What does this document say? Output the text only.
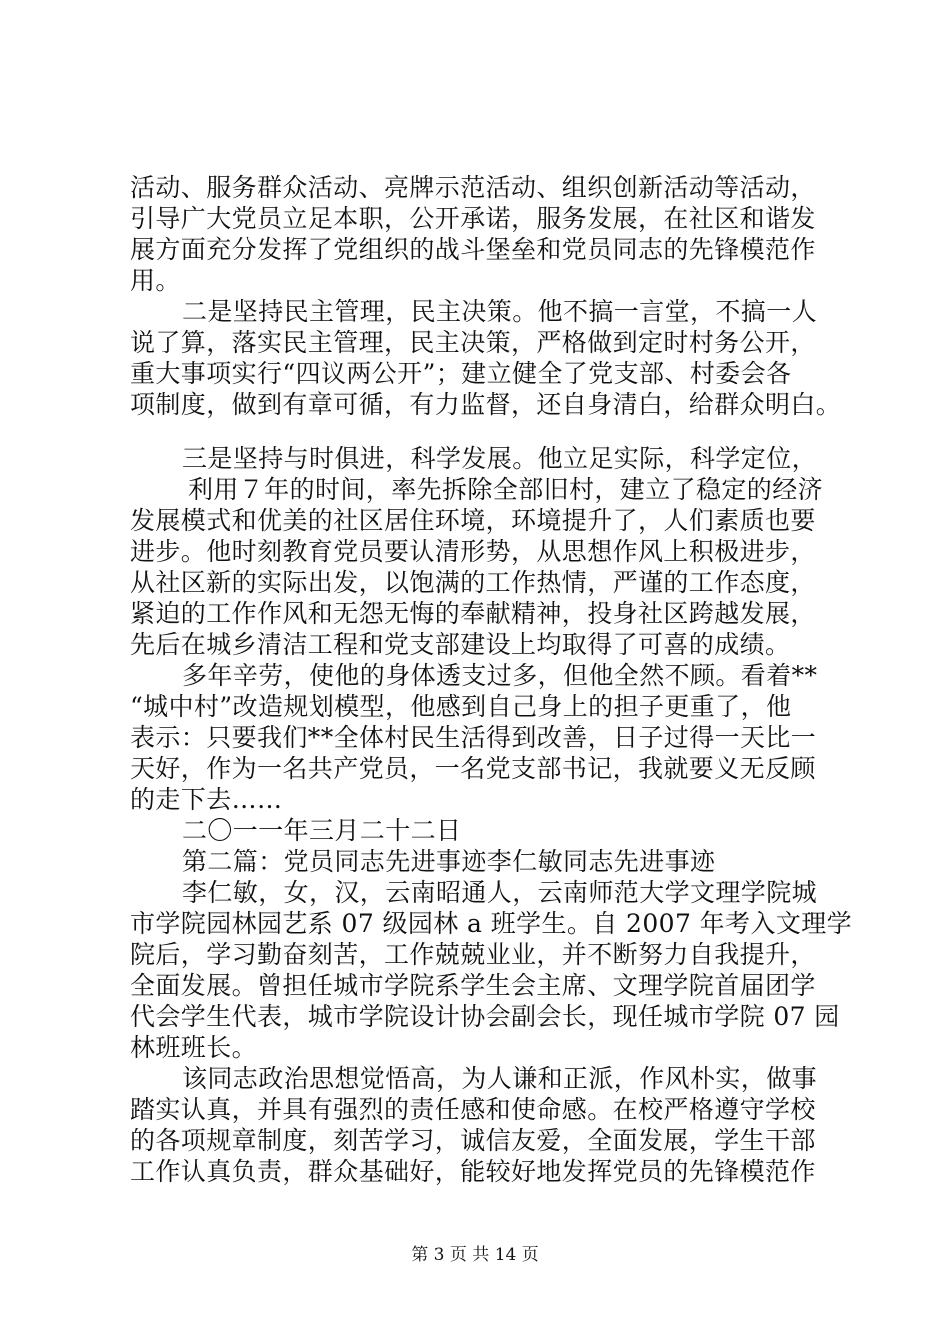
活动、服务群众活动、亮牌示范活动、组织创新活动等活动，
引导广大党员立足本职，公开承诺，服务发展，在社区和谐发
展方面充分发挥了党组织的战斗堡垒和党员同志的先锋模范作
用。
二是坚持民主管理，民主决策。他不搞一言堂，不搞一人
说了算，落实民主管理，民主决策，严格做到定时村务公开，
重大事项实行“四议两公开”；建立健全了党支部、村委会各
项制度，做到有章可循，有力监督，还自身清白，给群众明白。
三是坚持与时俱进，科学发展。他立足实际，科学定位，
利用７年的时间，率先拆除全部旧村，建立了稳定的经济
发展模式和优美的社区居住环境，环境提升了，人们素质也要
进步。他时刻教育党员要认清形势，从思想作风上积极进步，
从社区新的实际出发，以饱满的工作热情，严谨的工作态度，
紧迫的工作作风和无怨无悔的奉献精神，投身社区跨越发展，
先后在城乡清洁工程和党支部建设上均取得了可喜的成绩。
多年辛劳，使他的身体透支过多，但他全然不顾。看着**
“城中村”改造规划模型，他感到自己身上的担子更重了，他
表示：只要我们**全体村民生活得到改善，日子过得一天比一
天好，作为一名共产党员，一名党支部书记，我就要义无反顾
的走下去……
二〇一一年三月二十二日
第二篇：党员同志先进事迹李仁敏同志先进事迹
李仁敏，女，汉，云南昭通人，云南师范大学文理学院城
市学院园林园艺系 07 级园林 a 班学生。自 2007 年考入文理学
院后，学习勤奋刻苦，工作兢兢业业，并不断努力自我提升，
全面发展。曾担任城市学院系学生会主席、文理学院首届团学
代会学生代表，城市学院设计协会副会长，现任城市学院 07 园
林班班长。
该同志政治思想觉悟高，为人谦和正派，作风朴实，做事
踏实认真，并具有强烈的责任感和使命感。在校严格遵守学校
的各项规章制度，刻苦学习，诚信友爱，全面发展，学生干部
工作认真负责，群众基础好，能较好地发挥党员的先锋模范作
第 3 页 共 14 页
